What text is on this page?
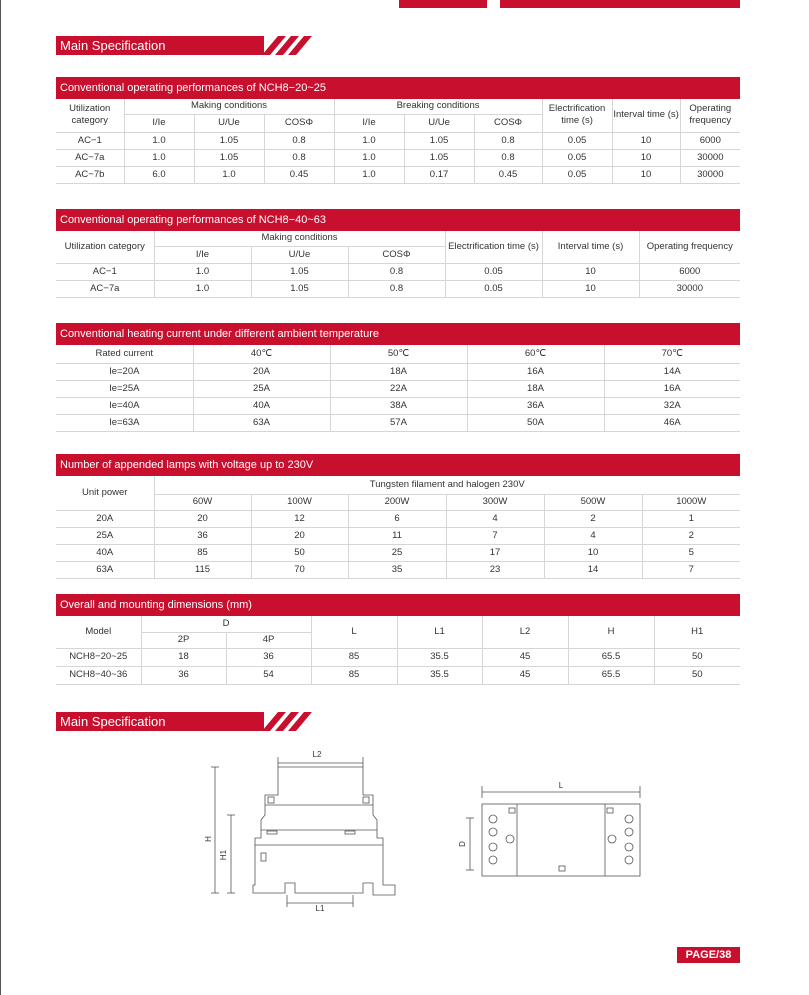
Main Specification
Conventional operating performances of NCH8−20~25
Utilization category	Making conditions			Breaking conditions			Electrification time (s)	Interval time (s)	Operating frequency
	I/Ie	U/Ue	COSΦ	I/Ie	U/Ue	COSΦ			
AC−1	1.0	1.05	0.8	1.0	1.05	0.8	0.05	10	6000
AC−7a	1.0	1.05	0.8	1.0	1.05	0.8	0.05	10	30000
AC−7b	6.0	1.0	0.45	1.0	0.17	0.45	0.05	10	30000
Conventional operating performances of NCH8−40~63
Utilization category	Making conditions			Electrification time (s)	Interval time (s)	Operating frequency
	I/Ie	U/Ue	COSΦ			
AC−1	1.0	1.05	0.8	0.05	10	6000
AC−7a	1.0	1.05	0.8	0.05	10	30000
Conventional heating current under different ambient temperature
Rated current	40℃	50℃	60℃	70℃
Ie=20A	20A	18A	16A	14A
Ie=25A	25A	22A	18A	16A
Ie=40A	40A	38A	36A	32A
Ie=63A	63A	57A	50A	46A
Number of appended lamps with voltage up to 230V
Unit power	Tungsten filament and halogen 230V					
	60W	100W	200W	300W	500W	1000W
20A	20	12	6	4	2	1
25A	36	20	11	7	4	2
40A	85	50	25	17	10	5
63A	115	70	35	23	14	7
Overall and mounting dimensions (mm)
Model	D		L	L1	L2	H	H1
	2P	4P					
NCH8−20~25	18	36	85	35.5	45	65.5	50
NCH8−40~36	36	54	85	35.5	45	65.5	50
Main Specification
L2
L1
H
H1
L
D
PAGE/38
